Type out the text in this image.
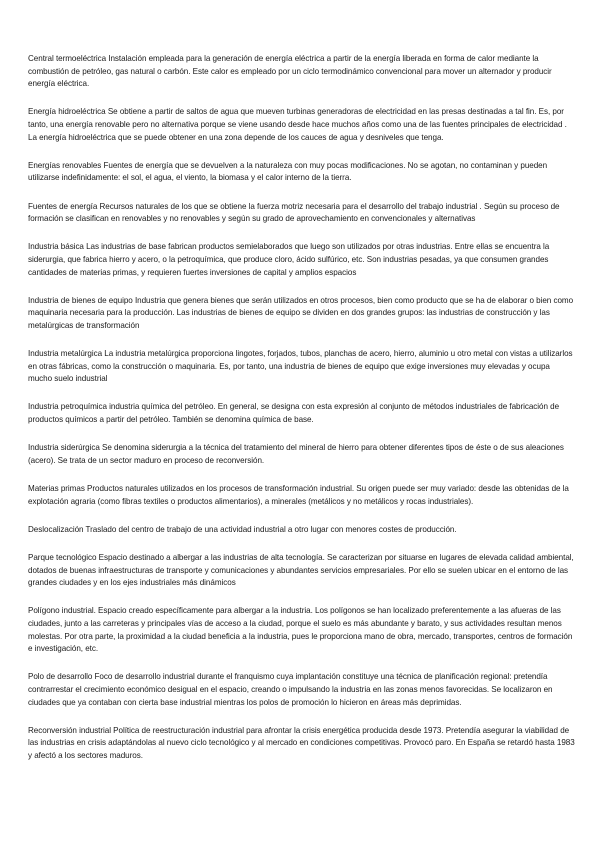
Central termoeléctrica Instalación empleada para la generación de energía eléctrica a partir de la energía liberada en forma de calor mediante la combustión de petróleo, gas natural o carbón. Este calor es empleado por un ciclo termodinámico convencional para mover un alternador y producir energía eléctrica.

Energía hidroeléctrica Se obtiene a partir de saltos de agua que mueven turbinas generadoras de electricidad en las presas destinadas a tal fin. Es, por tanto, una energía renovable pero no alternativa porque se viene usando desde hace muchos años como una de las fuentes principales de electricidad . La energía hidroeléctrica que se puede obtener en una zona depende de los cauces de agua y desniveles que tenga.

Energías renovables Fuentes de energía que se devuelven a la naturaleza con muy pocas modificaciones. No se agotan, no contaminan y pueden utilizarse indefinidamente: el sol, el agua, el viento, la biomasa y el calor interno de la tierra.

Fuentes de energía Recursos naturales de los que se obtiene la fuerza motriz necesaria para el desarrollo del trabajo industrial . Según su proceso de formación se clasifican en renovables y no renovables y según su grado de aprovechamiento en convencionales y alternativas

Industria básica Las industrias de base fabrican productos semielaborados que luego son utilizados por otras industrias. Entre ellas se encuentra la siderurgia, que fabrica hierro y acero, o la petroquímica, que produce cloro, ácido sulfúrico, etc. Son industrias pesadas, ya que consumen grandes cantidades de materias primas, y requieren fuertes inversiones de capital y amplios espacios

Industria de bienes de equipo Industria que genera bienes que serán utilizados en otros procesos, bien como producto que se ha de elaborar o bien como maquinaria necesaria para la producción. Las industrias de bienes de equipo se dividen en dos grandes grupos: las industrias de construcción y las metalúrgicas de transformación

Industria metalúrgica La industria metalúrgica proporciona lingotes, forjados, tubos, planchas de acero, hierro, aluminio u otro metal con vistas a utilizarlos en otras fábricas, como la construcción o maquinaria. Es, por tanto, una industria de bienes de equipo que exige inversiones muy elevadas y ocupa mucho suelo industrial

Industria petroquímica industria química del petróleo. En general, se designa con esta expresión al conjunto de métodos industriales de fabricación de productos químicos a partir del petróleo. También se denomina química de base.

Industria siderúrgica Se denomina siderurgia a la técnica del tratamiento del mineral de hierro para obtener diferentes tipos de éste o de sus aleaciones (acero). Se trata de un sector maduro en proceso de reconversión.

Materias primas Productos naturales utilizados en los procesos de transformación industrial. Su origen puede ser muy variado: desde las obtenidas de la explotación agraria (como fibras textiles o productos alimentarios), a minerales (metálicos y no metálicos y rocas industriales).

Deslocalización Traslado del centro de trabajo de una actividad industrial a otro lugar con menores costes de producción.

Parque tecnológico Espacio destinado a albergar a las industrias de alta tecnología. Se caracterizan por situarse en lugares de elevada calidad ambiental, dotados de buenas infraestructuras de transporte y comunicaciones y abundantes servicios empresariales. Por ello se suelen ubicar en el entorno de las grandes ciudades y en los ejes industriales más dinámicos

Polígono industrial. Espacio creado específicamente para albergar a la industria. Los polígonos se han localizado preferentemente a las afueras de las ciudades, junto a las carreteras y principales vías de acceso a la ciudad, porque el suelo es más abundante y barato, y sus actividades resultan menos molestas. Por otra parte, la proximidad a la ciudad beneficia a la industria, pues le proporciona mano de obra, mercado, transportes, centros de formación e investigación, etc.

Polo de desarrollo Foco de desarrollo industrial durante el franquismo cuya implantación constituye una técnica de planificación regional: pretendía contrarrestar el crecimiento económico desigual en el espacio, creando o impulsando la industria en las zonas menos favorecidas. Se localizaron en ciudades que ya contaban con cierta base industrial mientras los polos de promoción lo hicieron en áreas más deprimidas.

Reconversión industrial Política de reestructuración industrial para afrontar la crisis energética producida desde 1973. Pretendía asegurar la viabilidad de las industrias en crisis adaptándolas al nuevo ciclo tecnológico y al mercado en condiciones competitivas. Provocó paro. En España se retardó hasta 1983 y afectó a los sectores maduros.
